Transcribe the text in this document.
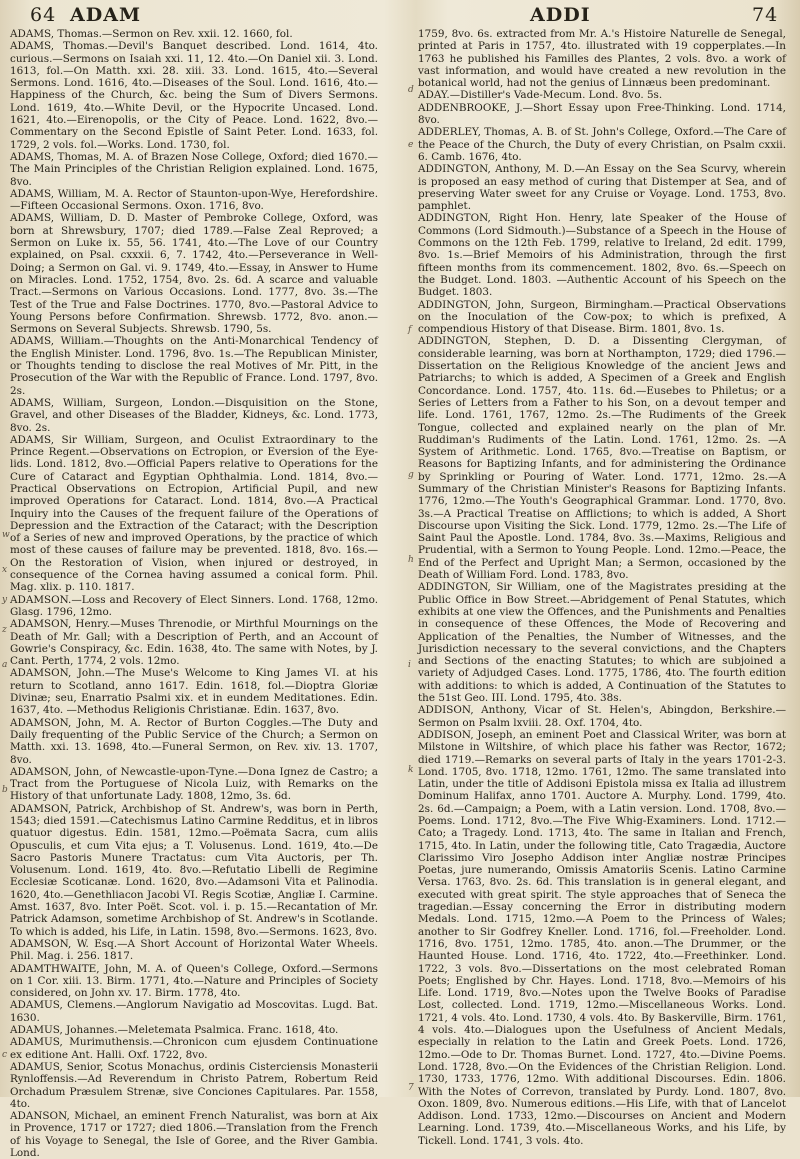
64 ADAM	ADDI	74

ADAMS, Thomas.—Sermon on Rev. xxii. 12. 1660, fol.

ADAMS, Thomas.—Devil's Banquet described. Lond. 1614, 4to. curious.—Sermons on Isaiah xxi. 11, 12. 4to.—On Daniel xii. 3. Lond. 1613, fol.—On Matth. xxi. 28. xiii. 33. Lond. 1615, 4to.—Several Sermons. Lond. 1616, 4to.—Diseases of the Soul. Lond. 1616, 4to.—Happiness of the Church, &c. being the Sum of Divers Sermons. Lond. 1619, 4to.—White Devil, or the Hypocrite Uncased. Lond. 1621, 4to.—Eirenopolis, or the City of Peace. Lond. 1622, 8vo.—Commentary on the Second Epistle of Saint Peter. Lond. 1633, fol. 1729, 2 vols. fol.—Works. Lond. 1730, fol.

ADAMS, Thomas, M. A. of Brazen Nose College, Oxford; died 1670.—The Main Principles of the Christian Religion explained. Lond. 1675, 8vo.

ADAMS, William, M. A. Rector of Staunton-upon-Wye, Herefordshire.—Fifteen Occasional Sermons. Oxon. 1716, 8vo.

ADAMS, William, D. D. Master of Pembroke College, Oxford, was born at Shrewsbury, 1707; died 1789.—False Zeal Reproved; a Sermon on Luke ix. 55, 56. 1741, 4to.—The Love of our Country explained, on Psal. cxxxii. 6, 7. 1742, 4to.—Perseverance in Well-Doing; a Sermon on Gal. vi. 9. 1749, 4to.—Essay, in Answer to Hume on Miracles. Lond. 1752, 1754, 8vo. 2s. 6d. A scarce and valuable Tract.—Sermons on Various Occasions. Lond. 1777, 8vo. 3s.—The Test of the True and False Doctrines. 1770, 8vo.—Pastoral Advice to Young Persons before Confirmation. Shrewsb. 1772, 8vo. anon.—Sermons on Several Subjects. Shrewsb. 1790, 5s.

ADAMS, William.—Thoughts on the Anti-Monarchical Tendency of the English Minister. Lond. 1796, 8vo. 1s.—The Republican Minister, or Thoughts tending to disclose the real Motives of Mr. Pitt, in the Prosecution of the War with the Republic of France. Lond. 1797, 8vo. 2s.

ADAMS, William, Surgeon, London.—Disquisition on the Stone, Gravel, and other Diseases of the Bladder, Kidneys, &c. Lond. 1773, 8vo. 2s.

ADAMS, Sir William, Surgeon, and Oculist Extraordinary to the Prince Regent.—Observations on Ectropion, or Eversion of the Eye-lids. Lond. 1812, 8vo.—Official Papers relative to Operations for the Cure of Cataract and Egyptian Ophthalmia. Lond. 1814, 8vo.—Practical Observations on Ectropion, Artificial Pupil, and new improved Operations for Cataract. Lond. 1814, 8vo.—A Practical Inquiry into the Causes of the frequent failure of the Operations of Depression and the Extraction of the Cataract; with the Description of a Series of new and improved Operations, by the practice of which most of these causes of failure may be prevented. 1818, 8vo. 16s.—On the Restoration of Vision, when injured or destroyed, in consequence of the Cornea having assumed a conical form. Phil. Mag. xlix. p. 110. 1817.

ADAMSON.—Loss and Recovery of Elect Sinners. Lond. 1768, 12mo. Glasg. 1796, 12mo.

ADAMSON, Henry.—Muses Threnodie, or Mirthful Mournings on the Death of Mr. Gall; with a Description of Perth, and an Account of Gowrie's Conspiracy, &c. Edin. 1638, 4to. The same with Notes, by J. Cant. Perth, 1774, 2 vols. 12mo.

ADAMSON, John.—The Muse's Welcome to King James VI. at his return to Scotland, anno 1617. Edin. 1618, fol.—Dioptra Gloriæ Divinæ; seu, Enarratio Psalmi xix. et in eundem Meditationes. Edin. 1637, 4to. —Methodus Religionis Christianæ. Edin. 1637, 8vo.

ADAMSON, John, M. A. Rector of Burton Coggles.—The Duty and Daily frequenting of the Public Service of the Church; a Sermon on Matth. xxi. 13. 1698, 4to.—Funeral Sermon, on Rev. xiv. 13. 1707, 8vo.

ADAMSON, John, of Newcastle-upon-Tyne.—Dona Ignez de Castro; a Tract from the Portuguese of Nicola Luiz, with Remarks on the History of that unfortunate Lady. 1808, 12mo, 3s. 6d.

ADAMSON, Patrick, Archbishop of St. Andrew's, was born in Perth, 1543; died 1591.—Catechismus Latino Carmine Redditus, et in libros quatuor digestus. Edin. 1581, 12mo.—Poëmata Sacra, cum aliis Opusculis, et cum Vita ejus; a T. Volusenus. Lond. 1619, 4to.—De Sacro Pastoris Munere Tractatus: cum Vita Auctoris, per Th. Volusenum. Lond. 1619, 4to. 8vo.—Refutatio Libelli de Regimine Ecclesiæ Scoticanæ. Lond. 1620, 8vo.—Adamsoni Vita et Palinodia. 1620, 4to.—Genethliacon Jacobi VI. Regis Scotiæ, Angliæ I. Carmine. Amst. 1637, 8vo. Inter Poët. Scot. vol. i. p. 15.—Recantation of Mr. Patrick Adamson, sometime Archbishop of St. Andrew's in Scotlande. To which is added, his Life, in Latin. 1598, 8vo.—Sermons. 1623, 8vo.

ADAMSON, W. Esq.—A Short Account of Horizontal Water Wheels. Phil. Mag. i. 256. 1817.

ADAMTHWAITE, John, M. A. of Queen's College, Oxford.—Sermons on 1 Cor. xiii. 13. Birm. 1771, 4to.—Nature and Principles of Society considered, on John xv. 17. Birm. 1778, 4to.

ADAMUS, Clemens.—Anglorum Navigatio ad Moscovitas. Lugd. Bat. 1630.

ADAMUS, Johannes.—Meletemata Psalmica. Franc. 1618, 4to.

ADAMUS, Murimuthensis.—Chronicon cum ejusdem Continuatione ex editione Ant. Halli. Oxf. 1722, 8vo.

ADAMUS, Senior, Scotus Monachus, ordinis Cisterciensis Monasterii Rynloffensis.—Ad Reverendum in Christo Patrem, Robertum Reid Orchadum Præsulem Strenæ, sive Conciones Capitulares. Par. 1558, 4to.

ADANSON, Michael, an eminent French Naturalist, was born at Aix in Provence, 1717 or 1727; died 1806.—Translation from the French of his Voyage to Senegal, the Isle of Goree, and the River Gambia. Lond.

1759, 8vo. 6s. extracted from Mr. A.'s Histoire Naturelle de Senegal, printed at Paris in 1757, 4to. illustrated with 19 copperplates.—In 1763 he published his Familles des Plantes, 2 vols. 8vo. a work of vast information, and would have created a new revolution in the botanical world, had not the genius of Linnæus been predominant.

ADAY.—Distiller's Vade-Mecum. Lond. 8vo. 5s.

ADDENBROOKE, J.—Short Essay upon Free-Thinking. Lond. 1714, 8vo.

ADDERLEY, Thomas, A. B. of St. John's College, Oxford.—The Care of the Peace of the Church, the Duty of every Christian, on Psalm cxxii. 6. Camb. 1676, 4to.

ADDINGTON, Anthony, M. D.—An Essay on the Sea Scurvy, wherein is proposed an easy method of curing that Distemper at Sea, and of preserving Water sweet for any Cruise or Voyage. Lond. 1753, 8vo. pamphlet.

ADDINGTON, Right Hon. Henry, late Speaker of the House of Commons (Lord Sidmouth.)—Substance of a Speech in the House of Commons on the 12th Feb. 1799, relative to Ireland, 2d edit. 1799, 8vo. 1s.—Brief Memoirs of his Administration, through the first fifteen months from its commencement. 1802, 8vo. 6s.—Speech on the Budget. Lond. 1803. —Authentic Account of his Speech on the Budget. 1803.

ADDINGTON, John, Surgeon, Birmingham.—Practical Observations on the Inoculation of the Cow-pox; to which is prefixed, A compendious History of that Disease. Birm. 1801, 8vo. 1s.

ADDINGTON, Stephen, D. D. a Dissenting Clergyman, of considerable learning, was born at Northampton, 1729; died 1796.—Dissertation on the Religious Knowledge of the ancient Jews and Patriarchs; to which is added, A Specimen of a Greek and English Concordance. Lond. 1757, 4to. 11s. 6d.—Eusebes to Philetus; or a Series of Letters from a Father to his Son, on a devout temper and life. Lond. 1761, 1767, 12mo. 2s.—The Rudiments of the Greek Tongue, collected and explained nearly on the plan of Mr. Ruddiman's Rudiments of the Latin. Lond. 1761, 12mo. 2s. —A System of Arithmetic. Lond. 1765, 8vo.—Treatise on Baptism, or Reasons for Baptizing Infants, and for administering the Ordinance by Sprinkling or Pouring of Water. Lond. 1771, 12mo. 2s.—A Summary of the Christian Minister's Reasons for Baptizing Infants. 1776, 12mo.—The Youth's Geographical Grammar. Lond. 1770, 8vo. 3s.—A Practical Treatise on Afflictions; to which is added, A Short Discourse upon Visiting the Sick. Lond. 1779, 12mo. 2s.—The Life of Saint Paul the Apostle. Lond. 1784, 8vo. 3s.—Maxims, Religious and Prudential, with a Sermon to Young People. Lond. 12mo.—Peace, the End of the Perfect and Upright Man; a Sermon, occasioned by the Death of William Ford. Lond. 1783, 8vo.

ADDINGTON, Sir William, one of the Magistrates presiding at the Public Office in Bow Street.—Abridgement of Penal Statutes, which exhibits at one view the Offences, and the Punishments and Penalties in consequence of these Offences, the Mode of Recovering and Application of the Penalties, the Number of Witnesses, and the Jurisdiction necessary to the several convictions, and the Chapters and Sections of the enacting Statutes; to which are subjoined a variety of Adjudged Cases. Lond. 1775, 1786, 4to. The fourth edition with additions: to which is added, A Continuation of the Statutes to the 51st Geo. III. Lond. 1795, 4to. 38s.

ADDISON, Anthony, Vicar of St. Helen's, Abingdon, Berkshire.—Sermon on Psalm lxviii. 28. Oxf. 1704, 4to.

ADDISON, Joseph, an eminent Poet and Classical Writer, was born at Milstone in Wiltshire, of which place his father was Rector, 1672; died 1719.—Remarks on several parts of Italy in the years 1701-2-3. Lond. 1705, 8vo. 1718, 12mo. 1761, 12mo. The same translated into Latin, under the title of Addisoni Epistola missa ex Italia ad illustrem Dominum Halifax, anno 1701. Auctore A. Murphy. Lond. 1799, 4to. 2s. 6d.—Campaign; a Poem, with a Latin version. Lond. 1708, 8vo.—Poems. Lond. 1712, 8vo.—The Five Whig-Examiners. Lond. 1712.—Cato; a Tragedy. Lond. 1713, 4to. The same in Italian and French, 1715, 4to. In Latin, under the following title, Cato Tragædia, Auctore Clarissimo Viro Josepho Addison inter Angliæ nostræ Principes Poetas, jure numerando, Omissis Amatoriis Scenis. Latino Carmine Versa. 1763, 8vo. 2s. 6d. This translation is in general elegant, and executed with great spirit. The style approaches that of Seneca the tragedian.—Essay concerning the Error in distributing modern Medals. Lond. 1715, 12mo.—A Poem to the Princess of Wales; another to Sir Godfrey Kneller. Lond. 1716, fol.—Freeholder. Lond. 1716, 8vo. 1751, 12mo. 1785, 4to. anon.—The Drummer, or the Haunted House. Lond. 1716, 4to. 1722, 4to.—Freethinker. Lond. 1722, 3 vols. 8vo.—Dissertations on the most celebrated Roman Poets; Englished by Chr. Hayes. Lond. 1718, 8vo.—Memoirs of his Life. Lond. 1719, 8vo.—Notes upon the Twelve Books of Paradise Lost, collected. Lond. 1719, 12mo.—Miscellaneous Works. Lond. 1721, 4 vols. 4to. Lond. 1730, 4 vols. 4to. By Baskerville, Birm. 1761, 4 vols. 4to.—Dialogues upon the Usefulness of Ancient Medals, especially in relation to the Latin and Greek Poets. Lond. 1726, 12mo.—Ode to Dr. Thomas Burnet. Lond. 1727, 4to.—Divine Poems. Lond. 1728, 8vo.—On the Evidences of the Christian Religion. Lond. 1730, 1733, 1776, 12mo. With additional Discourses. Edin. 1806. With the Notes of Correvon, translated by Purdy. Lond. 1807, 8vo. Oxon. 1809, 8vo. Numerous editions.—His Life, with that of Lancelot Addison. Lond. 1733, 12mo.—Discourses on Ancient and Modern Learning. Lond. 1739, 4to.—Miscellaneous Works, and his Life, by Tickell. Lond. 1741, 3 vols. 4to.

w
x
y
z
a
b
c
d
e
f
g
h
i
k
7
